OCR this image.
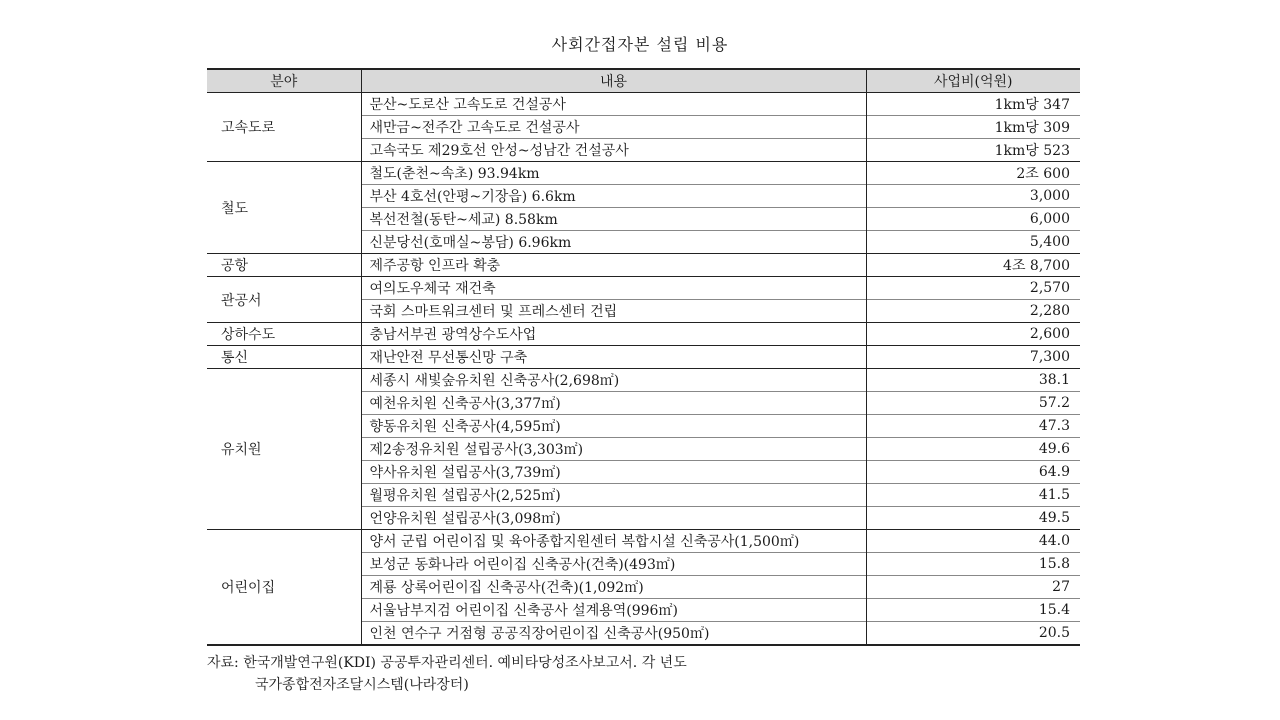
사회간접자본 설립 비용
분야	내용	사업비(억원)
고속도로	문산~도로산 고속도로 건설공사	1km당 347
	새만금~전주간 고속도로 건설공사	1km당 309
	고속국도 제29호선 안성~성남간 건설공사	1km당 523
철도	철도(춘천~속초) 93.94km	2조 600
	부산 4호선(안평~기장읍) 6.6km	3,000
	복선전철(동탄~세교) 8.58km	6,000
	신분당선(호매실~봉담) 6.96km	5,400
공항	제주공항 인프라 확충	4조 8,700
관공서	여의도우체국 재건축	2,570
	국회 스마트워크센터 및 프레스센터 건립	2,280
상하수도	충남서부권 광역상수도사업	2,600
통신	재난안전 무선통신망 구축	7,300
유치원	세종시 새빛숲유치원 신축공사(2,698㎡)	38.1
	예천유치원 신축공사(3,377㎡)	57.2
	향동유치원 신축공사(4,595㎡)	47.3
	제2송정유치원 설립공사(3,303㎡)	49.6
	약사유치원 설립공사(3,739㎡)	64.9
	월평유치원 설립공사(2,525㎡)	41.5
	언양유치원 설립공사(3,098㎡)	49.5
어린이집	양서 군립 어린이집 및 육아종합지원센터 복합시설 신축공사(1,500㎡)	44.0
	보성군 동화나라 어린이집 신축공사(건축)(493㎡)	15.8
	계룡 상록어린이집 신축공사(건축)(1,092㎡)	27
	서울남부지검 어린이집 신축공사 설계용역(996㎡)	15.4
	인천 연수구 거점형 공공직장어린이집 신축공사(950㎡)	20.5
자료: 한국개발연구원(KDI) 공공투자관리센터. 예비타당성조사보고서. 각 년도
국가종합전자조달시스템(나라장터)
